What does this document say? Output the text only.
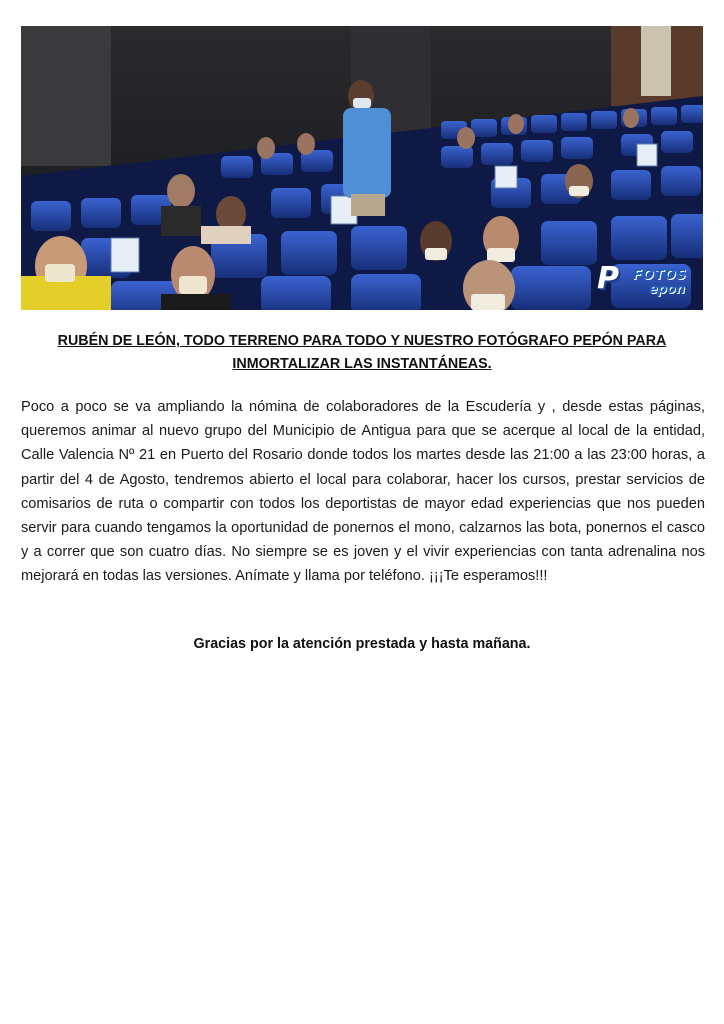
P FOTOS
epon
RUBÉN DE LEÓN, TODO TERRENO PARA TODO Y NUESTRO FOTÓGRAFO PEPÓN PARA
INMORTALIZAR LAS INSTANTÁNEAS.
Poco a poco se va ampliando la nómina de colaboradores de la Escudería y , desde estas páginas, queremos animar al nuevo grupo del Municipio de Antigua para que se acerque al local de la entidad, Calle Valencia Nº 21 en Puerto del Rosario donde todos los martes desde las 21:00 a las 23:00 horas, a partir del 4 de Agosto, tendremos abierto el local para colaborar, hacer los cursos, prestar servicios de comisarios de ruta o compartir con todos los deportistas de mayor edad experiencias que nos pueden servir para cuando tengamos la oportunidad de ponernos el mono, calzarnos las bota, ponernos el casco y a correr que son cuatro días. No siempre se es joven y el vivir experiencias con tanta adrenalina nos mejorará en todas las versiones. Anímate y llama por teléfono. ¡¡¡Te esperamos!!!
Gracias por la atención prestada y hasta mañana.
